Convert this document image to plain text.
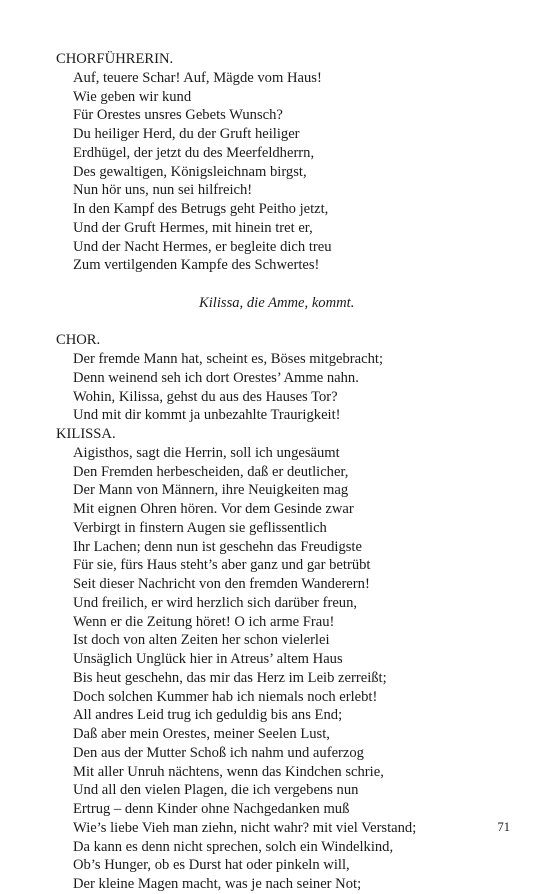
CHORFÜHRERIN.
Auf, teuere Schar! Auf, Mägde vom Haus!
Wie geben wir kund
Für Orestes unsres Gebets Wunsch?
Du heiliger Herd, du der Gruft heiliger
Erdhügel, der jetzt du des Meerfeldherrn,
Des gewaltigen, Königsleichnam birgst,
Nun hör uns, nun sei hilfreich!
In den Kampf des Betrugs geht Peitho jetzt,
Und der Gruft Hermes, mit hinein tret er,
Und der Nacht Hermes, er begleite dich treu
Zum vertilgenden Kampfe des Schwertes!
Kilissa, die Amme, kommt.
CHOR.
Der fremde Mann hat, scheint es, Böses mitgebracht;
Denn weinend seh ich dort Orestes’ Amme nahn.
Wohin, Kilissa, gehst du aus des Hauses Tor?
Und mit dir kommt ja unbezahlte Traurigkeit!
KILISSA.
Aigisthos, sagt die Herrin, soll ich ungesäumt
Den Fremden herbescheiden, daß er deutlicher,
Der Mann von Männern, ihre Neuigkeiten mag
Mit eignen Ohren hören. Vor dem Gesinde zwar
Verbirgt in finstern Augen sie geflissentlich
Ihr Lachen; denn nun ist geschehn das Freudigste
Für sie, fürs Haus steht’s aber ganz und gar betrübt
Seit dieser Nachricht von den fremden Wanderern!
Und freilich, er wird herzlich sich darüber freun,
Wenn er die Zeitung höret! O ich arme Frau!
Ist doch von alten Zeiten her schon vielerlei
Unsäglich Unglück hier in Atreus’ altem Haus
Bis heut geschehn, das mir das Herz im Leib zerreißt;
Doch solchen Kummer hab ich niemals noch erlebt!
All andres Leid trug ich geduldig bis ans End;
Daß aber mein Orestes, meiner Seelen Lust,
Den aus der Mutter Schoß ich nahm und auferzog
Mit aller Unruh nächtens, wenn das Kindchen schrie,
Und all den vielen Plagen, die ich vergebens nun
Ertrug – denn Kinder ohne Nachgedanken muß
Wie’s liebe Vieh man ziehn, nicht wahr? mit viel Verstand;
Da kann es denn nicht sprechen, solch ein Windelkind,
Ob’s Hunger, ob es Durst hat oder pinkeln will,
Der kleine Magen macht, was je nach seiner Not;
71
